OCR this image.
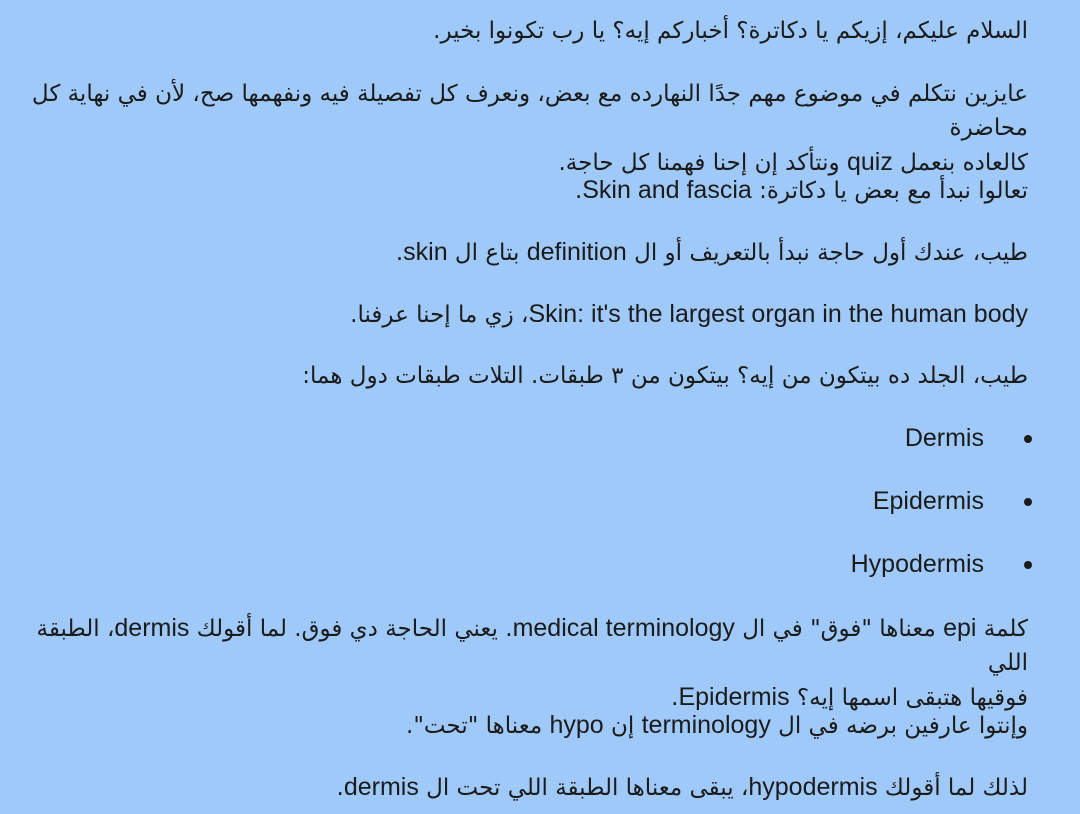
السلام عليكم، إزيكم يا دكاترة؟ أخباركم إيه؟ يا رب تكونوا بخير.

عايزين نتكلم في موضوع مهم جدًا النهارده مع بعض، ونعرف كل تفصيلة فيه ونفهمها صح، لأن في نهاية كل محاضرة
كالعاده بنعمل quiz ونتأكد إن إحنا فهمنا كل حاجة.

تعالوا نبدأ مع بعض يا دكاترة: Skin and fascia.

طيب، عندك أول حاجة نبدأ بالتعريف أو ال definition بتاع ال skin.

Skin: it's the largest organ in the human body، زي ما إحنا عرفنا.

طيب، الجلد ده بيتكون من إيه؟ بيتكون من ٣ طبقات. التلات طبقات دول هما:

Dermis
Epidermis
Hypodermis

كلمة epi معناها "فوق" في ال medical terminology. يعني الحاجة دي فوق. لما أقولك dermis، الطبقة اللي
فوقيها هتبقى اسمها إيه؟ Epidermis.

وإنتوا عارفين برضه في ال terminology إن hypo معناها "تحت".

لذلك لما أقولك hypodermis، يبقى معناها الطبقة اللي تحت ال dermis.
